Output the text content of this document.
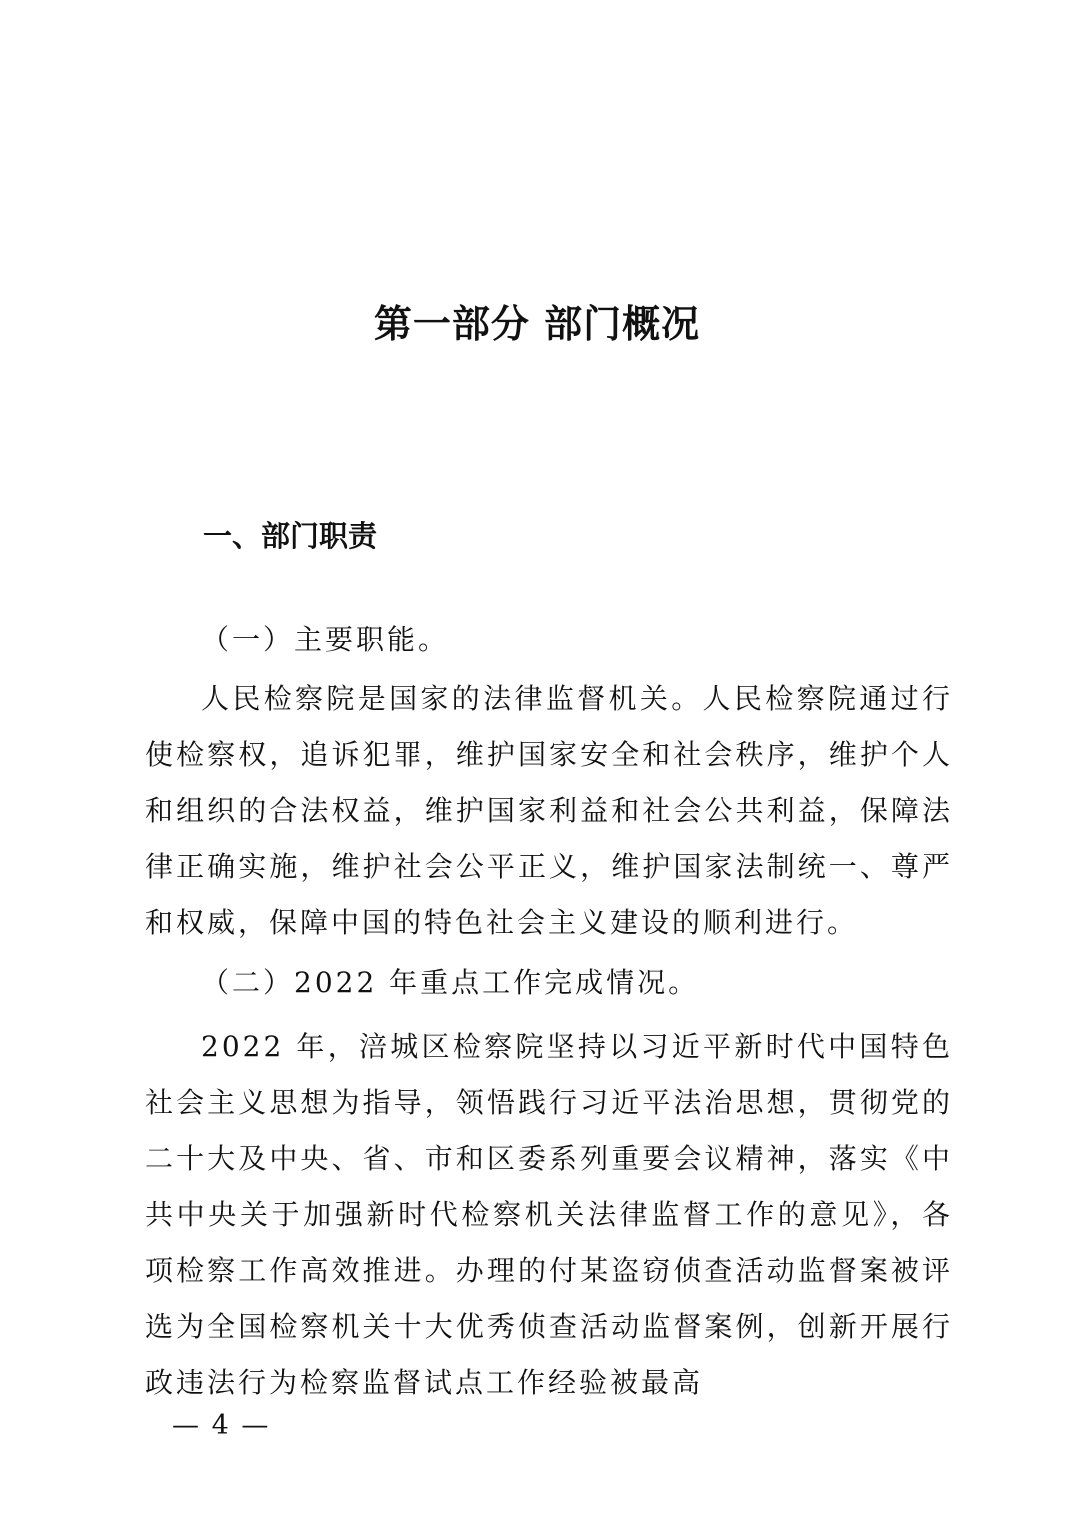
第一部分 部门概况
一、部门职责

（一）主要职能。

人民检察院是国家的法律监督机关。人民检察院通过行使检察权，追诉犯罪，维护国家安全和社会秩序，维护个人和组织的合法权益，维护国家利益和社会公共利益，保障法律正确实施，维护社会公平正义，维护国家法制统一、尊严和权威，保障中国的特色社会主义建设的顺利进行。

（二）2022 年重点工作完成情况。

2022 年，涪城区检察院坚持以习近平新时代中国特色社会主义思想为指导，领悟践行习近平法治思想，贯彻党的二十大及中央、省、市和区委系列重要会议精神，落实《中共中央关于加强新时代检察机关法律监督工作的意见》，各项检察工作高效推进。办理的付某盗窃侦查活动监督案被评选为全国检察机关十大优秀侦查活动监督案例，创新开展行政违法行为检察监督试点工作经验被最高

— 4 —
